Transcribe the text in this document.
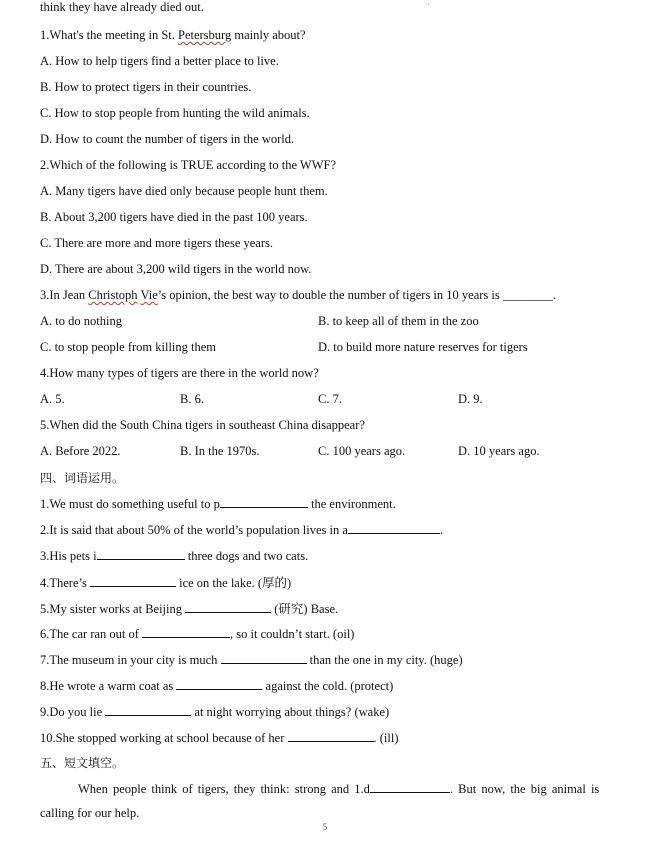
think they have already died out.
1.What's the meeting in St. Petersburg mainly about?
A. How to help tigers find a better place to live.
B. How to protect tigers in their countries.
C. How to stop people from hunting the wild animals.
D. How to count the number of tigers in the world.
2.Which of the following is TRUE according to the WWF?
A. Many tigers have died only because people hunt them.
B. About 3,200 tigers have died in the past 100 years.
C. There are more and more tigers these years.
D. There are about 3,200 wild tigers in the world now.
3.In Jean Christoph Vie’s opinion, the best way to double the number of tigers in 10 years is ________.
A. to do nothing	B. to keep all of them in the zoo
C. to stop people from killing them	D. to build more nature reserves for tigers
4.How many types of tigers are there in the world now?
A. 5.	B. 6.	C. 7.	D. 9.
5.When did the South China tigers in southeast China disappear?
A. Before 2022.	B. In the 1970s.	C. 100 years ago.	D. 10 years ago.
四、词语运用。
1.We must do something useful to p	the environment.
2.It is said that about 50% of the world’s population lives in a	.
3.His pets i	three dogs and two cats.
4.There’s	ice on the lake. (厚的)
5.My sister works at Beijing	(研究) Base.
6.The car ran out of	, so it couldn’t start. (oil)
7.The museum in your city is much	than the one in my city. (huge)
8.He wrote a warm coat as	against the cold. (protect)
9.Do you lie	at night worrying about things? (wake)
10.She stopped working at school because of her	. (ill)
五、短文填空。
When people think of tigers, they think: strong and 1.d	. But now, the big animal is
calling for our help.
5
